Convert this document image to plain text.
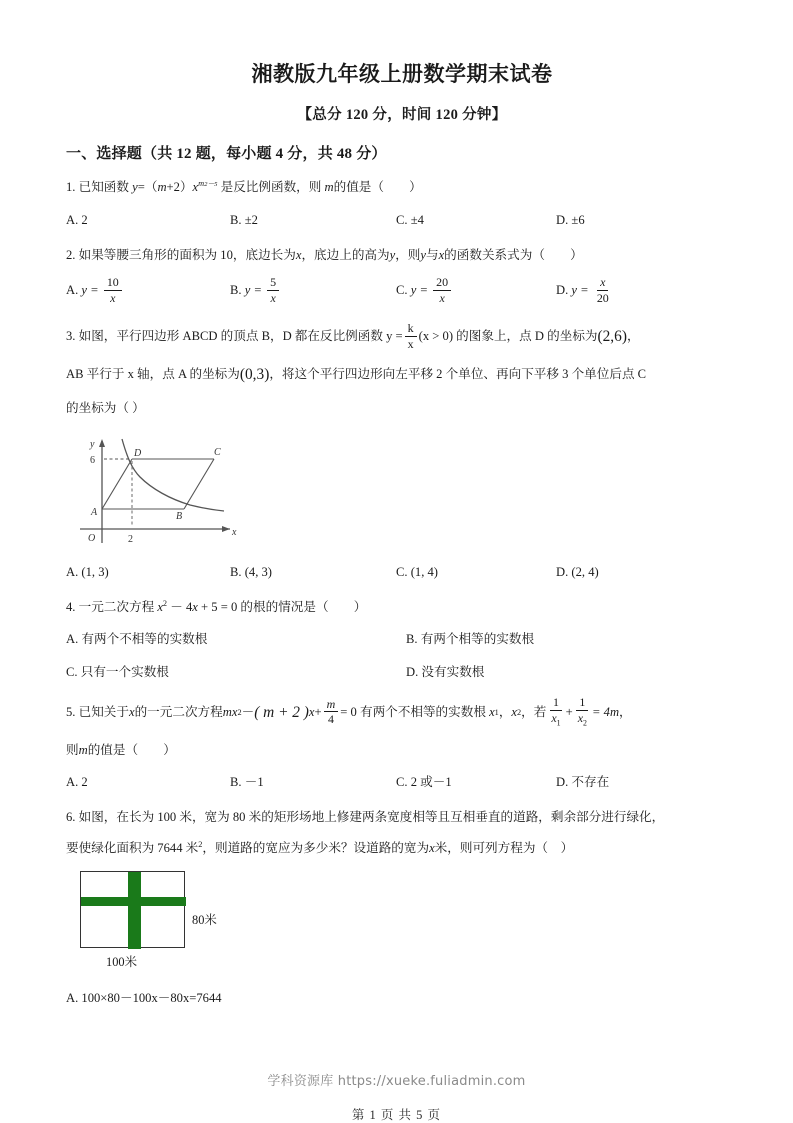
湘教版九年级上册数学期末试卷
【总分 120 分，时间 120 分钟】
一、选择题（共 12 题，每小题 4 分，共 48 分）
1. 已知函数 $y=(m+2)x^{m2-5}$ 是反比例函数，则 m的值是（　　）
A. 2	B. ±2	C. ±4	D. ±6
2. 如果等腰三角形的面积为 10，底边长为x，底边上的高为y，则y与x的函数关系式为（　　）
A. $y = \frac{10}{x}$	B. $y = \frac{5}{x}$	C. $y = \frac{20}{x}$	D. $y = \frac{x}{20}$
3.
如图，平行四边形 ABCD 的顶点 B，D 都在反比例函数 $y = \frac{k}{x} (x > 0)$ 的图象上，点 D 的坐标为 (2,6) ，
AB 平行于 x 轴，点 A 的坐标为 (0,3) ，将这个平行四边形向左平移 2 个单位、再向下平移 3 个单位后点 C
的坐标为（ ）
y
x
O	2
6
A	B
C
D
A. (1, 3)	B. (4, 3)	C. (1, 4)	D. (2, 4)
4. 一元二次方程 $x^2 - 4x + 5 = 0$ 的根的情况是（　　）
A. 有两个不相等的实数根	B. 有两个相等的实数根
C. 只有一个实数根	D. 没有实数根
5.
已知关于 x 的一元二次方程 m x 2 － ( m + 2 ) $x + \frac{m}{4} = 0$ 有两个不相等的实数根
x 1 ， x 2 ，若 $\frac{1}{x_1} + \frac{1}{x_2} = 4m$ ，
则m的值是（　　）
A. 2	B. －1	C. 2 或－1	D. 不存在
6. 如图，在长为 100 米，宽为 80 米的矩形场地上修建两条宽度相等且互相垂直的道路，剩余部分进行绿化，
要使绿化面积为 7644 米$^2$，则道路的宽应为多少米？设道路的宽为x米，则可列方程为（　）
80米
100米
A. 100×80－100x－80x=7644
学科资源库 https://xueke.fuliadmin.com
第 1 页 共 5 页
